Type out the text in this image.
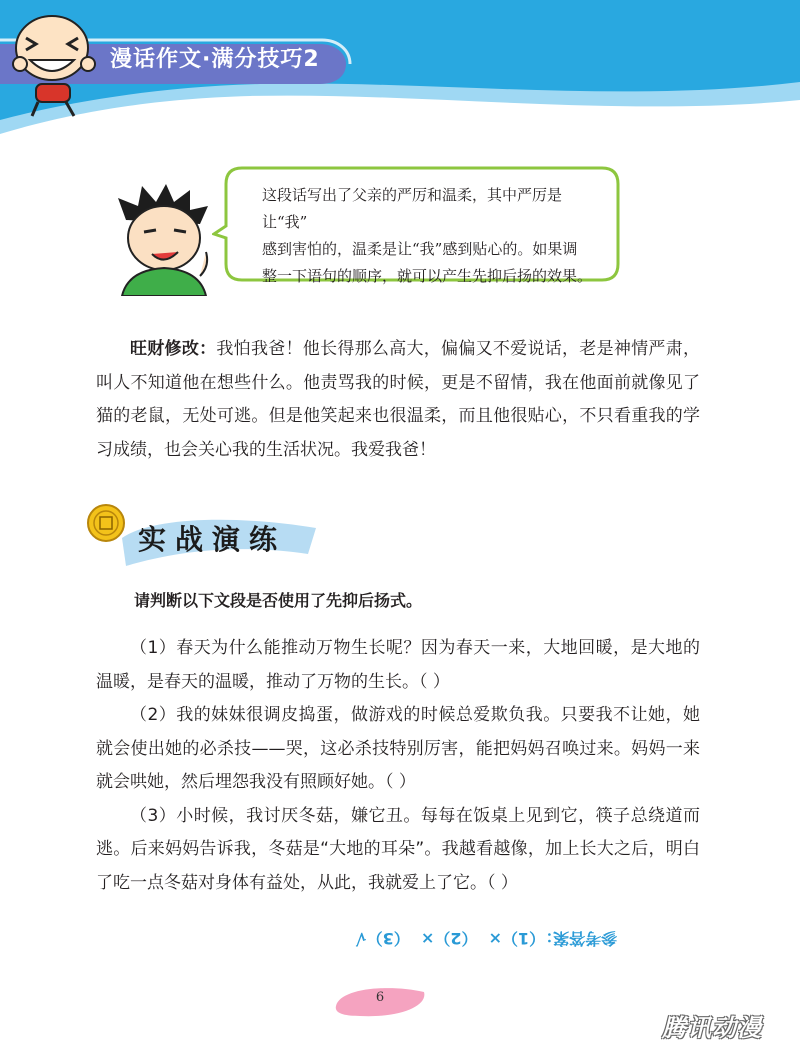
漫话作文·满分技巧2
这段话写出了父亲的严厉和温柔，其中严厉是让“我”
感到害怕的，温柔是让“我”感到贴心的。如果调
整一下语句的顺序，就可以产生先抑后扬的效果。
旺财修改：我怕我爸！他长得那么高大，偏偏又不爱说话，老是神情严肃，叫人不知道他在想些什么。他责骂我的时候，更是不留情，我在他面前就像见了猫的老鼠，无处可逃。但是他笑起来也很温柔，而且他很贴心，不只看重我的学习成绩，也会关心我的生活状况。我爱我爸！
实战演练
请判断以下文段是否使用了先抑后扬式。

（1）春天为什么能推动万物生长呢？因为春天一来，大地回暖，是大地的温暖，是春天的温暖，推动了万物的生长。（ ）

（2）我的妹妹很调皮捣蛋，做游戏的时候总爱欺负我。只要我不让她，她就会使出她的必杀技——哭，这必杀技特别厉害，能把妈妈召唤过来。妈妈一来就会哄她，然后埋怨我没有照顾好她。（ ）

（3）小时候，我讨厌冬菇，嫌它丑。每每在饭桌上见到它，筷子总绕道而逃。后来妈妈告诉我，冬菇是“大地的耳朵”。我越看越像，加上长大之后，明白了吃一点冬菇对身体有益处，从此，我就爱上了它。（ ）

参考答案：（1）×  （2）×  （3）√
6
腾讯动漫
